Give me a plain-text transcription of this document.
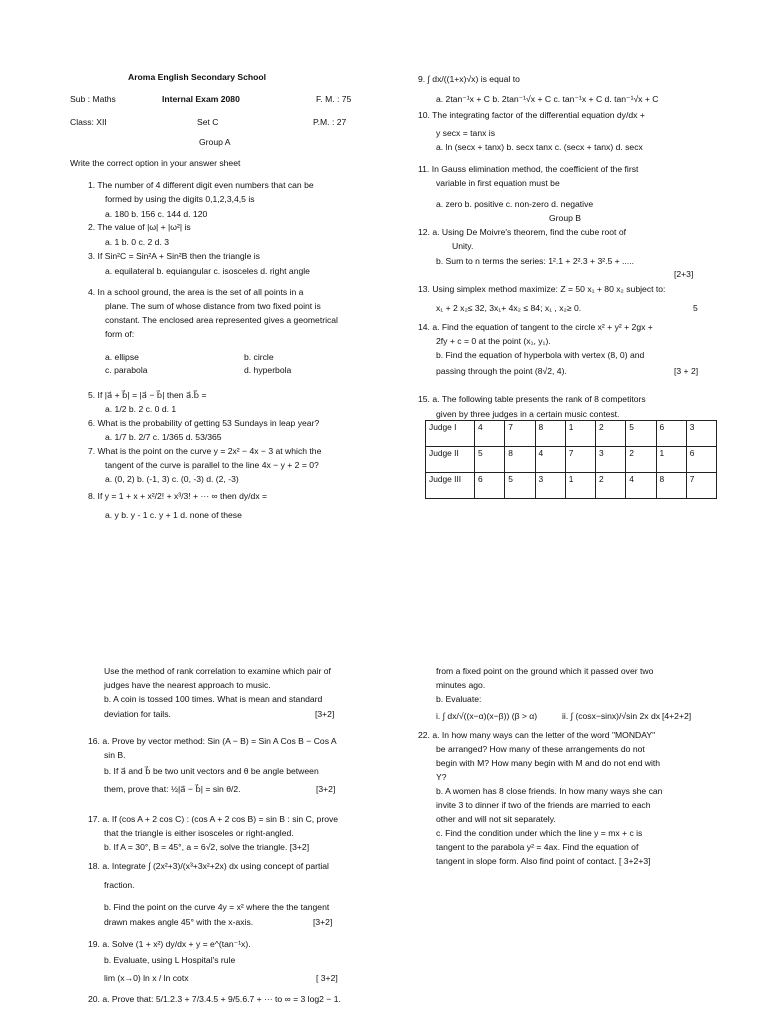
Aroma English Secondary School
Sub : Maths	Internal Exam 2080	F. M. : 75
Class: XII	Set C	P.M. : 27
Group A
Write the correct option in your answer sheet
1. The number of 4 different digit even numbers that can be
formed by using the digits 0,1,2,3,4,5 is
a. 180 b. 156 c. 144 d. 120
2. The value of |ω| + |ω²| is
a. 1 b. 0 c. 2 d. 3
3. If Sin²C = Sin²A + Sin²B then the triangle is
a. equilateral b. equiangular c. isosceles d. right angle
4. In a school ground, the area is the set of all points in a
plane. The sum of whose distance from two fixed point is
constant. The enclosed area represented gives a geometrical
form of:
a. ellipse	b. circle
c. parabola	d. hyperbola
5. If |a⃗ + b⃗| = |a⃗ − b⃗| then a⃗.b⃗ =
a. 1/2 b. 2 c. 0 d. 1
6. What is the probability of getting 53 Sundays in leap year?
a. 1/7 b. 2/7 c. 1/365 d. 53/365
7. What is the point on the curve y = 2x² − 4x − 3 at which the
tangent of the curve is parallel to the line 4x − y + 2 = 0?
a. (0, 2) b. (-1, 3) c. (0, -3) d. (2, -3)
8. If y = 1 + x + x²/2! + x³/3! + ··· ∞ then dy/dx =
a. y b. y - 1 c. y + 1 d. none of these
9. ∫ dx/((1+x)√x) is equal to
a. 2tan⁻¹x + C b. 2tan⁻¹√x + C c. tan⁻¹x + C d. tan⁻¹√x + C
10. The integrating factor of the differential equation dy/dx +
y secx = tanx is
a. ln (secx + tanx) b. secx tanx c. (secx + tanx) d. secx
11. In Gauss elimination method, the coefficient of the first
variable in first equation must be
a. zero b. positive c. non-zero d. negative
Group B
12. a. Using De Moivre's theorem, find the cube root of
Unity.
b. Sum to n terms the series: 1².1 + 2².3 + 3².5 + .....
[2+3]
13. Using simplex method maximize: Z = 50 x₁ + 80 x₂ subject to:
x₁ + 2 x₂≤ 32, 3x₁+ 4x₂ ≤ 84; x₁ , x₂≥ 0.	5
14. a. Find the equation of tangent to the circle x² + y² + 2gx +
2fy + c = 0 at the point (x₁, y₁).
b. Find the equation of hyperbola with vertex (8, 0) and
passing through the point (8√2, 4).	[3 + 2]
15. a. The following table presents the rank of 8 competitors
given by three judges in a certain music contest.
Use the method of rank correlation to examine which pair of
judges have the nearest approach to music.
b. A coin is tossed 100 times. What is mean and standard
deviation for tails.	[3+2]
16. a. Prove by vector method: Sin (A − B) = Sin A Cos B − Cos A
sin B.
b. If a⃗ and b⃗ be two unit vectors and θ be angle between
them, prove that: ½|a⃗ − b⃗| = sin θ/2.	[3+2]
17. a. If (cos A + 2 cos C) : (cos A + 2 cos B) = sin B : sin C, prove
that the triangle is either isosceles or right-angled.
b. If A = 30°, B = 45°, a = 6√2, solve the triangle. [3+2]
18. a. Integrate ∫ (2x²+3)/(x³+3x²+2x) dx using concept of partial
fraction.
b. Find the point on the curve 4y = x² where the the tangent
drawn makes angle 45° with the x-axis.	[3+2]
19. a. Solve (1 + x²) dy/dx + y = e^(tan⁻¹x).
b. Evaluate, using L Hospital's rule
lim (x→0) ln x / ln cotx	[ 3+2]
20. a. Prove that: 5/1.2.3 + 7/3.4.5 + 9/5.6.7 + ··· to ∞ = 3 log2 − 1.
from a fixed point on the ground which it passed over two
minutes ago.
b. Evaluate:
i. ∫ dx/√((x−α)(x−β)) (β > α)	ii. ∫ (cosx−sinx)/√sin 2x dx [4+2+2]
22. a. In how many ways can the letter of the word "MONDAY"
be arranged? How many of these arrangements do not
begin with M? How many begin with M and do not end with
Y?
b. A women has 8 close friends. In how many ways she can
invite 3 to dinner if two of the friends are married to each
other and will not sit separately.
c. Find the condition under which the line y = mx + c is
tangent to the parabola y² = 4ax. Find the equation of
tangent in slope form. Also find point of contact. [ 3+2+3]
Judge I	4	7	8	1	2	5	6	3
Judge II	5	8	4	7	3	2	1	6
Judge III	6	5	3	1	2	4	8	7
